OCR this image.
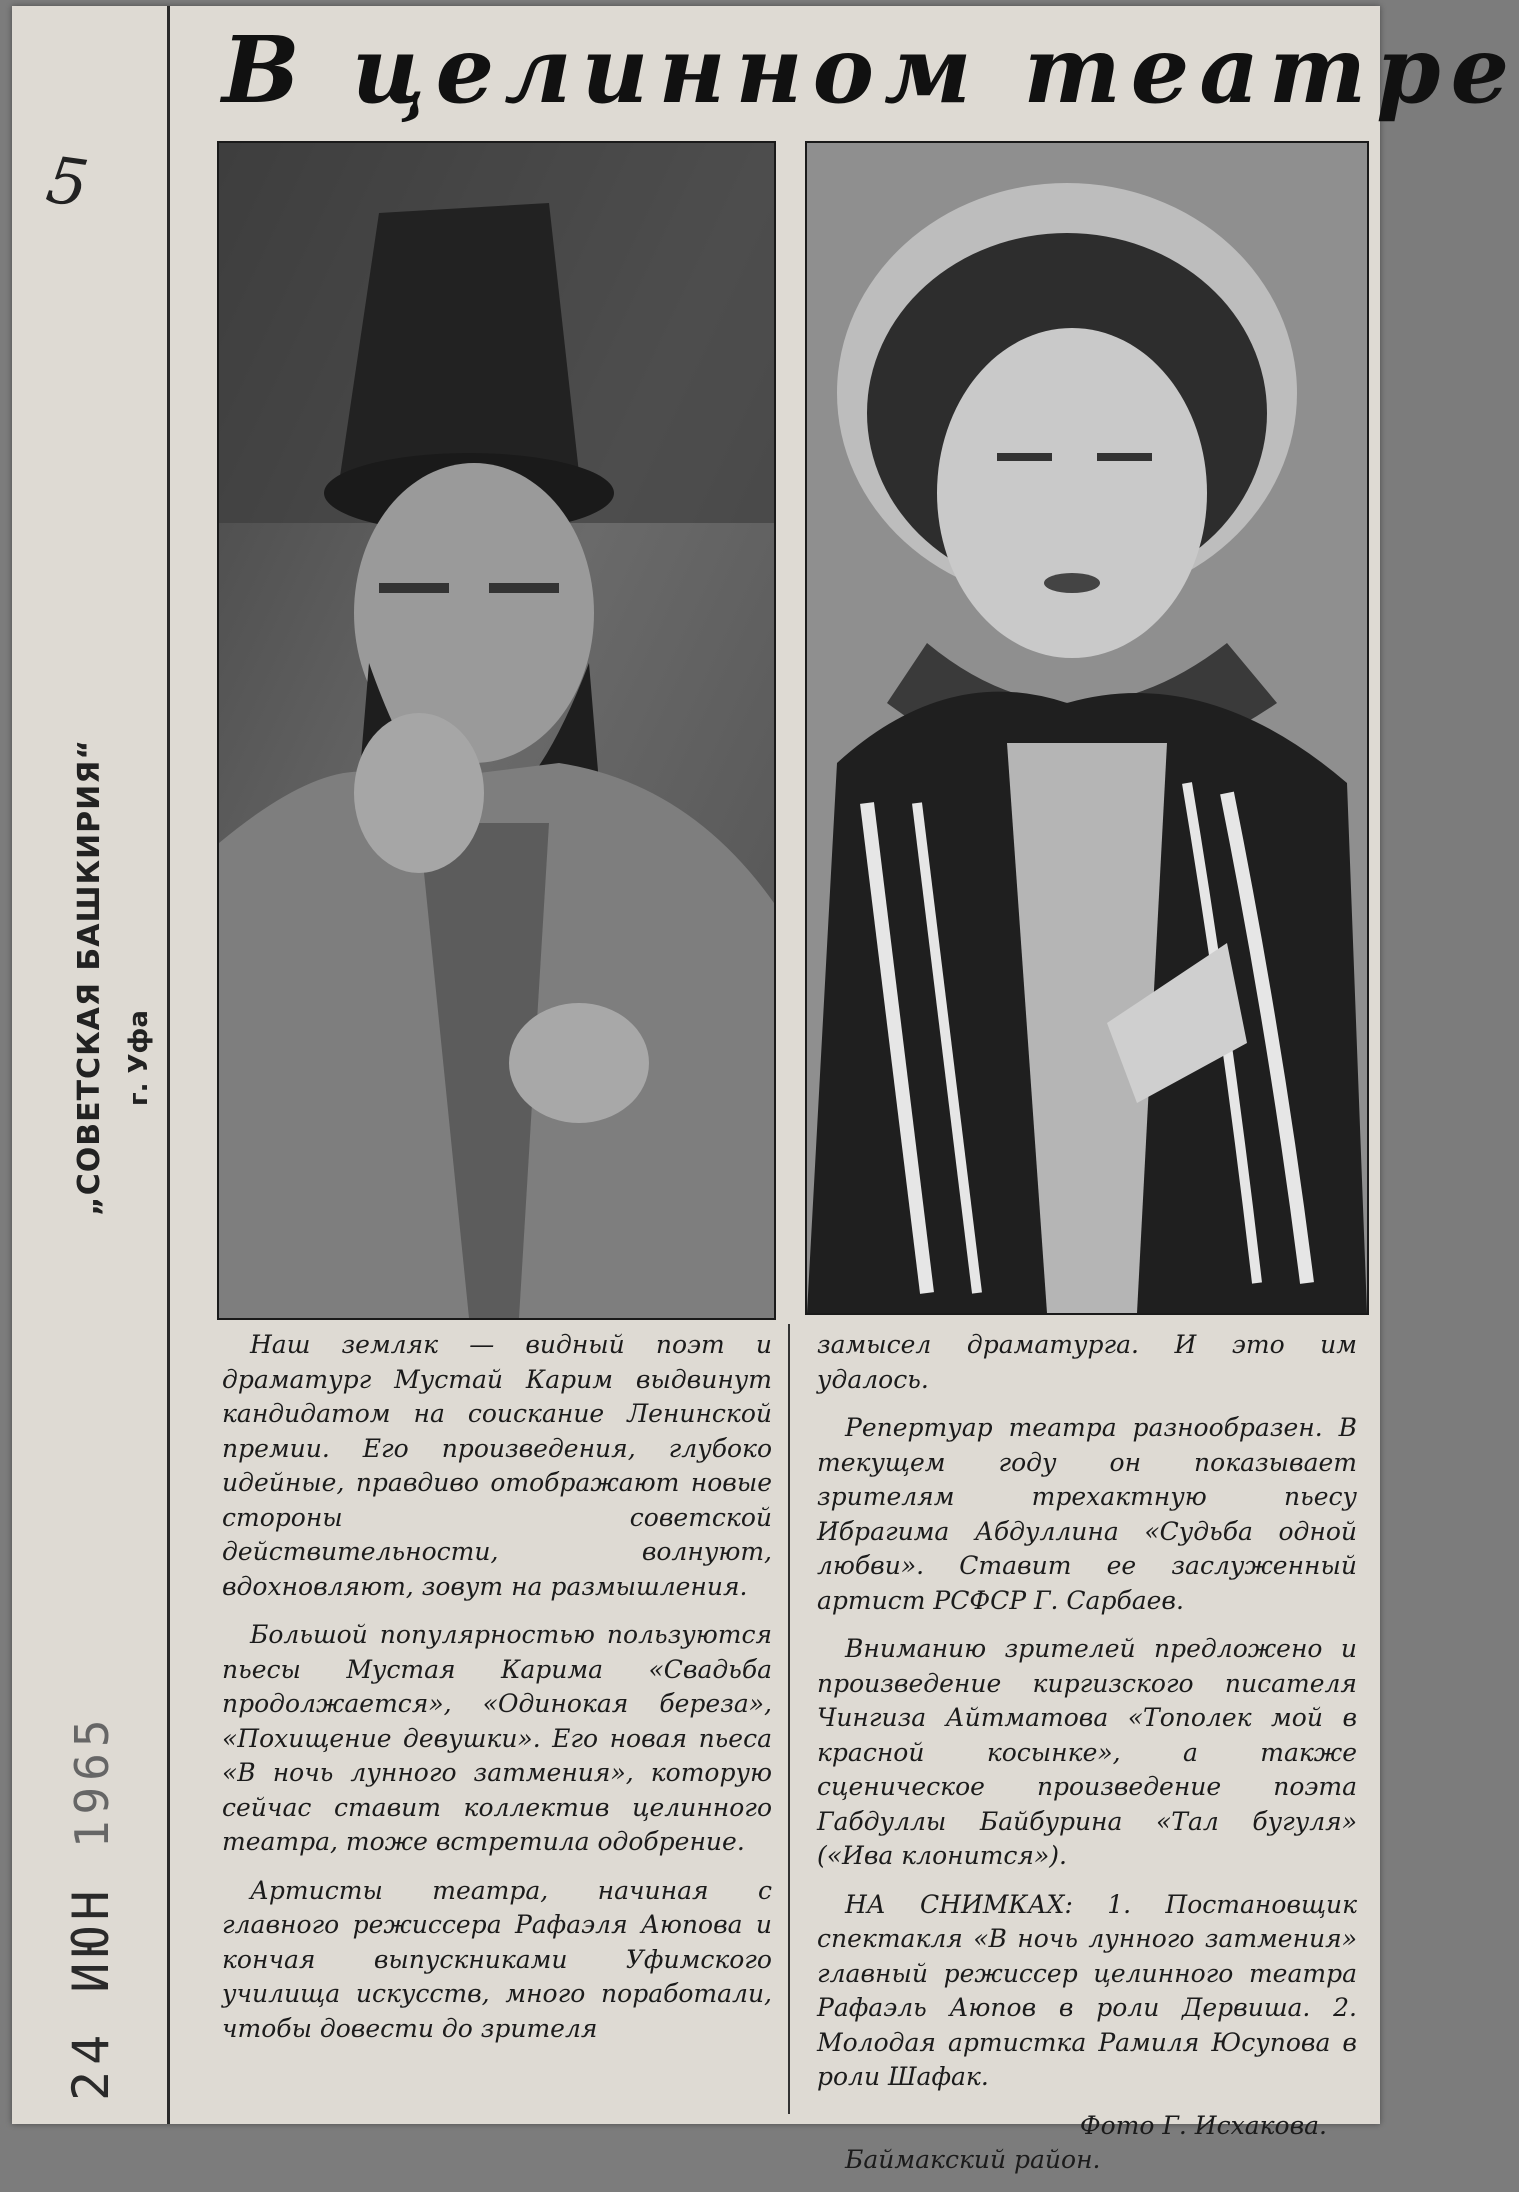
5
„СОВЕТСКАЯ БАШКИРИЯ“ г. Уфа
24 ИЮН 1965
В целинном театре

Наш земляк — видный поэт и драматург Мустай Карим выдвинут кандидатом на соискание Ленинской премии. Его произведения, глубоко идейные, правдиво отображают новые стороны советской действительности, волнуют, вдохновляют, зовут на размышления.

Большой популярностью пользуются пьесы Мустая Карима «Свадьба продолжается», «Одинокая береза», «Похищение девушки». Его новая пьеса «В ночь лунного затмения», которую сейчас ставит коллектив целинного театра, тоже встретила одобрение.

Артисты театра, начиная с главного режиссера Рафаэля Аюпова и кончая выпускниками Уфимского училища искусств, много поработали, чтобы довести до зрителя

замысел драматурга. И это им удалось.

Репертуар театра разнообразен. В текущем году он показывает зрителям трехактную пьесу Ибрагима Абдуллина «Судьба одной любви». Ставит ее заслуженный артист РСФСР Г. Сарбаев.

Вниманию зрителей предложено и произведение киргизского писателя Чингиза Айтматова «Тополек мой в красной косынке», а также сценическое произведение поэта Габдуллы Байбурина «Тал бугуля» («Ива клонится»).

НА СНИМКАХ: 1. Постановщик спектакля «В ночь лунного затмения» главный режиссер целинного театра Рафаэль Аюпов в роли Дервиша. 2. Молодая артистка Рамиля Юсупова в роли Шафак.

Фото Г. Исхакова.

Баймакский район.
